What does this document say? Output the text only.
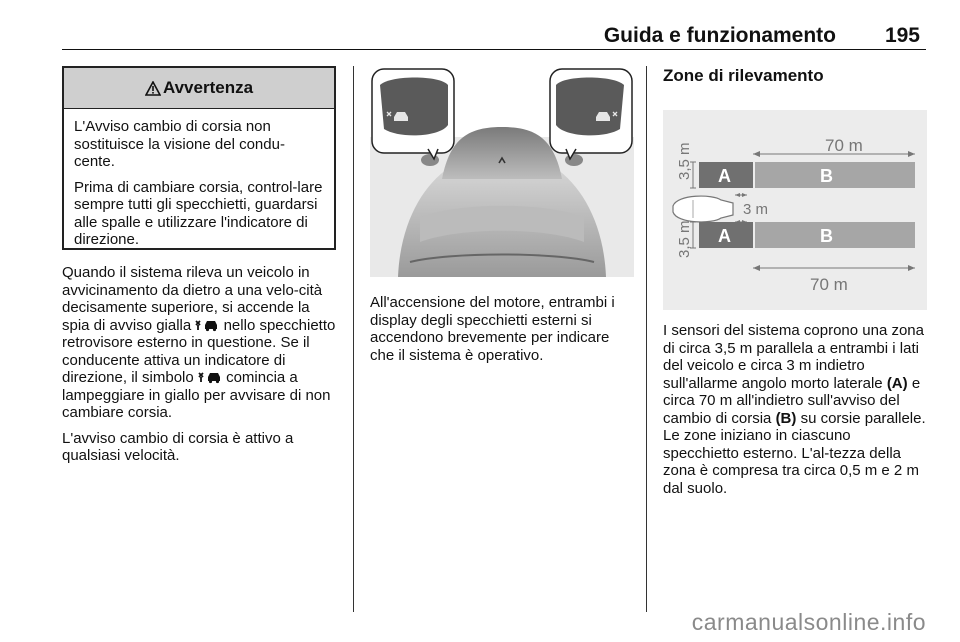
Guida e funzionamento 195
Avvertenza

L'Avviso cambio di corsia non sostituisce la visione del condu-cente.

Prima di cambiare corsia, control-lare sempre tutti gli specchietti, guardarsi alle spalle e utilizzare l'indicatore di direzione.

Quando il sistema rileva un veicolo in avvicinamento da dietro a una velo-cità decisamente superiore, si accende la spia di avviso gialla nello specchietto retrovisore esterno in questione. Se il conducente attiva un indicatore di direzione, il simbolo comincia a lampeggiare in giallo per avvisare di non cambiare corsia.

L'avviso cambio di corsia è attivo a qualsiasi velocità.

All'accensione del motore, entrambi i display degli specchietti esterni si accendono brevemente per indicare che il sistema è operativo.

Zone di rilevamento
70 m
3,5 m A	B
3 m
A	B
3,5 m
70 m

I sensori del sistema coprono una zona di circa 3,5 m parallela a entrambi i lati del veicolo e circa 3 m indietro sull'allarme angolo morto laterale (A) e circa 70 m all'indietro sull'avviso del cambio di corsia (B) su corsie parallele. Le zone iniziano in ciascuno specchietto esterno. L'al-tezza della zona è compresa tra circa 0,5 m e 2 m dal suolo.

carmanualsonline.info
